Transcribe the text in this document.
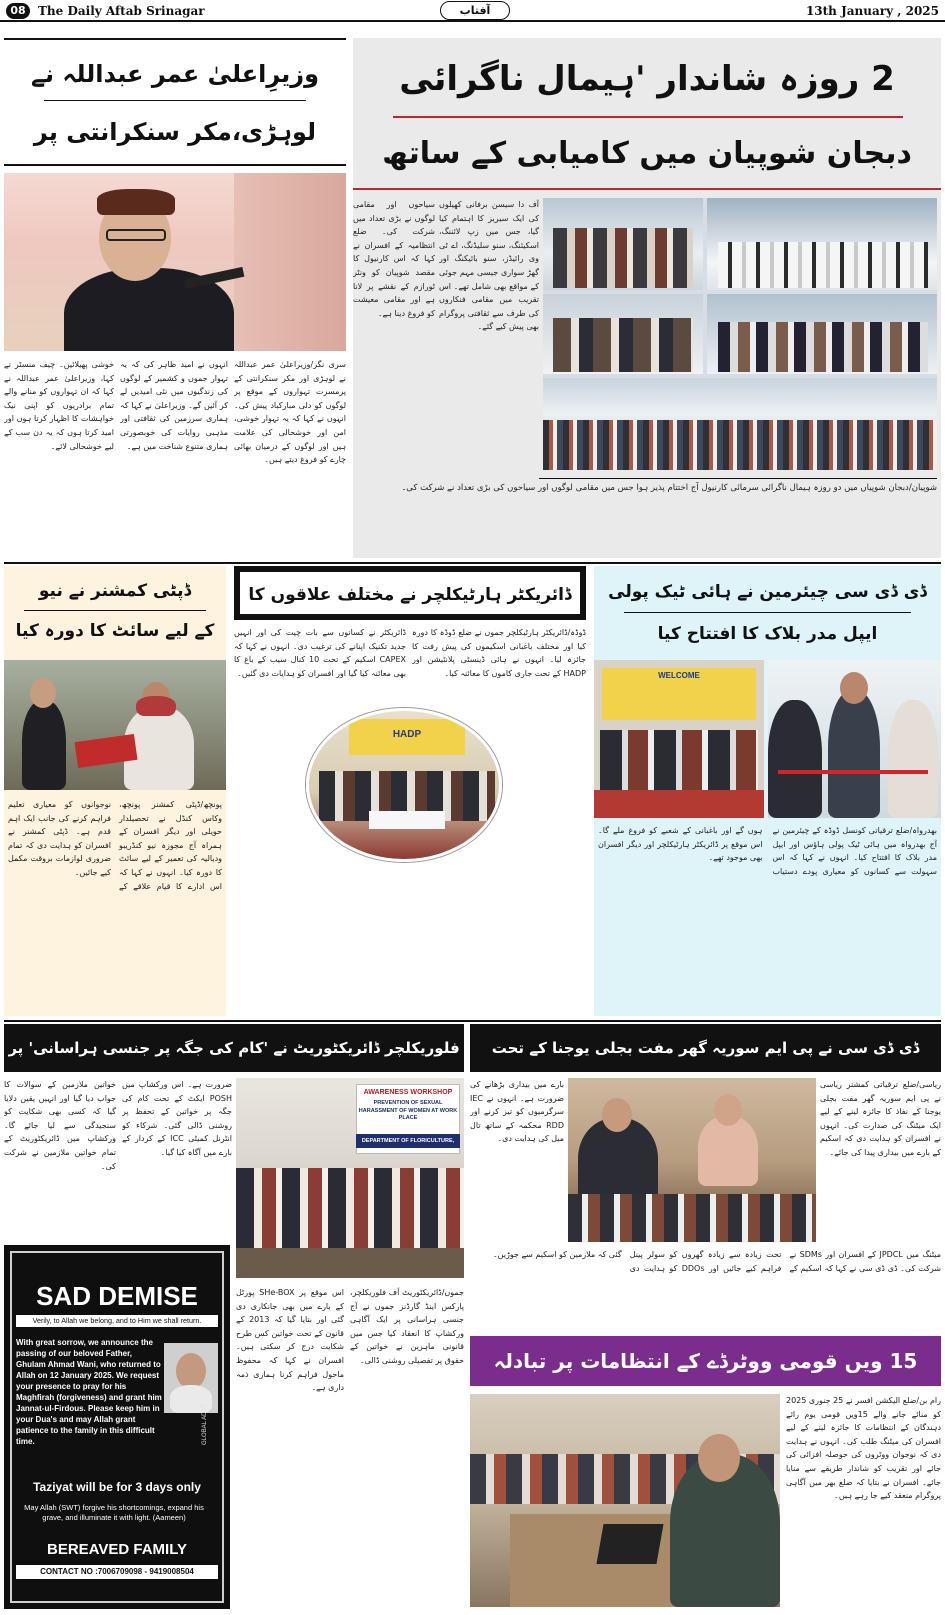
08	The Daily Aftab Srinagar	آفتاب	13th January , 2025
وزیرِاعلیٰ عمر عبداللہ نے
لوہڑی،مکر سنکرانتی پر
سری نگر/وزیراعلیٰ عمر عبداللہ نے لوہڑی اور مکر سنکرانتی کے پرمسرت تہواروں کے موقع پر لوگوں کو دلی مبارکباد پیش کی۔ انہوں نے کہا کہ یہ تہوار خوشی، امن اور خوشحالی کی علامت ہیں اور لوگوں کے درمیان بھائی چارے کو فروغ دیتے ہیں۔
انہوں نے امید ظاہر کی کہ یہ تہوار جموں و کشمیر کے لوگوں کی زندگیوں میں نئی امیدیں لے کر آئیں گے۔ وزیراعلیٰ نے کہا کہ ہماری سرزمین کی ثقافتی اور مذہبی روایات کی خوبصورتی ہماری متنوع شناخت میں ہے۔
خوشی پھیلائیں۔ چیف منسٹر نے کہا، وزیراعلیٰ عمر عبداللہ نے کہا کہ ان تہواروں کو منانے والے تمام برادریوں کو اپنی نیک خواہشات کا اظہار کرتا ہوں اور امید کرتا ہوں کہ یہ دن سب کے لیے خوشحالی لائے۔
2 روزہ شاندار 'ہیمال ناگرائی
دبجان شوپیان میں کامیابی کے ساتھ
آف دا سیسن برفانی کھیلوں کی ایک سیریز کا اہتمام کیا گیا، جس میں زپ لائننگ، اسکیئنگ، سنو سلیڈنگ، اے ٹی وی رائیڈز، سنو بائیکنگ اور گھڑ سواری جیسی مہم جوئی کے مواقع بھی شامل تھے۔ اس تقریب میں مقامی فنکاروں کی طرف سے ثقافتی پروگرام بھی پیش کیے گئے۔
سیاحوں اور مقامی لوگوں نے بڑی تعداد میں شرکت کی۔ ضلع انتظامیہ کے افسران نے کہا کہ اس کارنیول کا مقصد شوپیان کو ونٹر ٹورازم کے نقشے پر لانا ہے اور مقامی معیشت کو فروغ دینا ہے۔
شوپیان/دبجان شوپیاں میں دو روزہ ہیمال ناگرائی سرمائی کارنیول آج اختتام پذیر ہوا جس میں مقامی لوگوں اور سیاحوں کی بڑی تعداد نے شرکت کی۔
ڈپٹی کمشنر نے نیو
کے لیے سائٹ کا دورہ کیا
پونچھ/ڈپٹی کمشنر پونچھ، وکاس کنڈل نے تحصیلدار حویلی اور دیگر افسران کے ہمراہ آج مجوزہ نیو کنڈریبو ودیالیہ کی تعمیر کے لیے سائٹ کا دورہ کیا۔ انہوں نے کہا کہ اس ادارے کا قیام علاقے کے نوجوانوں کو معیاری تعلیم فراہم کرنے کی جانب ایک اہم قدم ہے۔ ڈپٹی کمشنر نے افسران کو ہدایت دی کہ تمام ضروری لوازمات بروقت مکمل کیے جائیں۔
ڈائریکٹر ہارٹیکلچر نے مختلف علاقوں کا
ڈوڈہ/ڈائریکٹر ہارٹیکلچر جموں نے ضلع ڈوڈہ کا دورہ کیا اور مختلف باغبانی اسکیموں کی پیش رفت کا جائزہ لیا۔ انہوں نے ہائی ڈینسٹی پلانٹیشن اور HADP کے تحت جاری کاموں کا معائنہ کیا۔
ڈائریکٹر نے کسانوں سے بات چیت کی اور انہیں جدید تکنیک اپنانے کی ترغیب دی۔ انہوں نے کہا کہ CAPEX اسکیم کے تحت 10 کنال سیب کے باغ کا بھی معائنہ کیا گیا اور افسران کو ہدایات دی گئیں۔
HADP
ڈی ڈی سی چیئرمین نے ہائی ٹیک پولی
ایپل مدر بلاک کا افتتاح کیا
WELCOME
بھدرواہ/ضلع ترقیاتی کونسل ڈوڈہ کے چیئرمین نے آج بھدرواہ میں ہائی ٹیک پولی ہاؤس اور ایپل مدر بلاک کا افتتاح کیا۔ انہوں نے کہا کہ اس سہولت سے کسانوں کو معیاری پودے دستیاب ہوں گے اور باغبانی کے شعبے کو فروغ ملے گا۔ اس موقع پر ڈائریکٹر ہارٹیکلچر اور دیگر افسران بھی موجود تھے۔
فلوریکلچر ڈائریکٹوریٹ نے 'کام کی جگہ پر جنسی ہراسانی' پر
ضرورت ہے۔ اس ورکشاپ میں POSH ایکٹ کے تحت کام کی جگہ پر خواتین کے تحفظ پر روشنی ڈالی گئی۔ شرکاء کو انٹرنل کمیٹی ICC کے کردار کے بارے میں آگاہ کیا گیا۔
خواتین ملازمین کے سوالات کا جواب دیا گیا اور انہیں یقین دلایا گیا کہ کسی بھی شکایت کو سنجیدگی سے لیا جائے گا۔ ورکشاپ میں ڈائریکٹوریٹ کے تمام خواتین ملازمین نے شرکت کی۔
AWARENESS WORKSHOP
PREVENTION OF SEXUAL HARASSMENT OF WOMEN AT WORK PLACE
DEPARTMENT OF FLORICULTURE,
جموں/ڈائریکٹوریٹ آف فلوریکلچر، پارکس اینڈ گارڈنز جموں نے آج جنسی ہراسانی پر ایک آگاہی ورکشاپ کا انعقاد کیا جس میں قانونی ماہرین نے خواتین کے حقوق پر تفصیلی روشنی ڈالی۔
اس موقع پر SHe-BOX پورٹل کے بارے میں بھی جانکاری دی گئی اور بتایا گیا کہ 2013 کے قانون کے تحت خواتین کس طرح شکایت درج کر سکتی ہیں۔ افسران نے کہا کہ محفوظ ماحول فراہم کرنا ہماری ذمہ داری ہے۔
SAD DEMISE
Verily, to Allah we belong, and to Him we shall return.
With great sorrow, we announce the passing of our beloved Father, Ghulam Ahmad Wani, who returned to Allah on 12 January 2025. We request your presence to pray for his Maghfirah (forgiveness) and grant him Jannat-ul-Firdous. Please keep him in your Dua's and may Allah grant patience to the family in this difficult time.
Taziyat will be for 3 days only
May Allah (SWT) forgive his shortcomings, expand his grave, and illuminate it with light. (Aameen)
BEREAVED FAMILY
CONTACT NO :7006709098 - 9419008504
GLOBAL ADVT
ڈی ڈی سی نے پی ایم سوریہ گھر مفت بجلی یوجنا کے تحت
ریاسی/ضلع ترقیاتی کمشنر ریاسی نے پی ایم سوریہ گھر مفت بجلی یوجنا کے نفاذ کا جائزہ لینے کے لیے ایک میٹنگ کی صدارت کی۔ انہوں نے افسران کو ہدایت دی کہ اسکیم کے بارے میں بیداری پیدا کی جائے۔
بارے میں بیداری بڑھانے کی ضرورت ہے۔ انہوں نے IEC سرگرمیوں کو تیز کرنے اور RDD محکمہ کے ساتھ تال میل کی ہدایت دی۔
میٹنگ میں JPDCL کے افسران اور SDMs نے شرکت کی۔ ڈی ڈی سی نے کہا کہ اسکیم کے تحت زیادہ سے زیادہ گھروں کو سولر پینل فراہم کیے جائیں اور DDOs کو ہدایت دی گئی کہ ملازمین کو اسکیم سے جوڑیں۔
15 ویں قومی ووٹرڈے کے انتظامات پر تبادلہ
رام بن/ضلع الیکشن افسر نے 25 جنوری 2025 کو منائے جانے والے 15ویں قومی یوم رائے دہندگان کے انتظامات کا جائزہ لینے کے لیے افسران کی میٹنگ طلب کی۔ انہوں نے ہدایت دی کہ نوجوان ووٹروں کی حوصلہ افزائی کی جائے اور تقریب کو شاندار طریقے سے منایا جائے۔ افسران نے بتایا کہ ضلع بھر میں آگاہی پروگرام منعقد کیے جا رہے ہیں۔
